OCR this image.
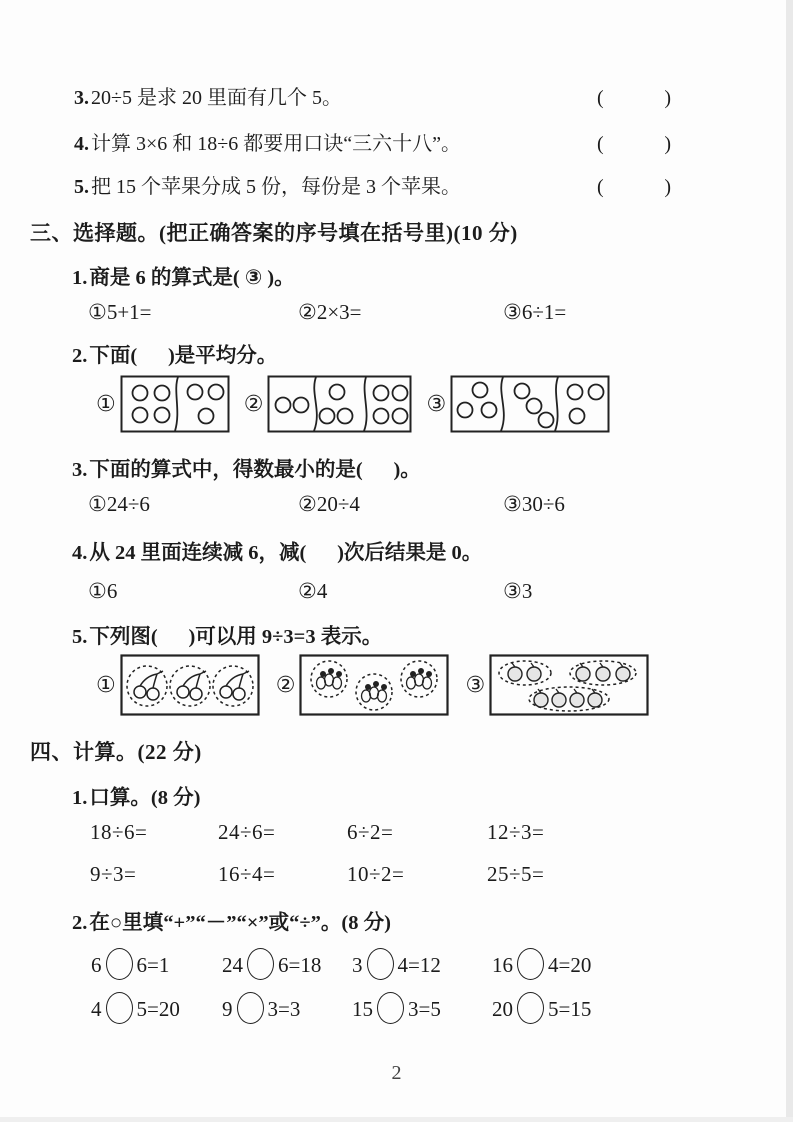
3. 20÷5 是求 20 里面有几个 5。	(	)
4. 计算 3×6 和 18÷6 都要用口诀“三六十八”。	(	)
5. 把 15 个苹果分成 5 份，每份是 3 个苹果。	(	)
三、选择题。(把正确答案的序号填在括号里)(10 分)
1.商是 6 的算式是( ③ )。
①5+1=	②2×3=	③6÷1=
2.下面(      )是平均分。
①	②	③
3.下面的算式中，得数最小的是(      )。
①24÷6	②20÷4	③30÷6
4.从 24 里面连续减 6，减(      )次后结果是 0。
①6	②4	③3
5.下列图(      )可以用 9÷3=3 表示。
①	②	③
四、计算。(22 分)
1.口算。(8 分)
18÷6=	24÷6=	6÷2=	12÷3=
9÷3=	16÷4=	10÷2=	25÷5=
2.在○里填“+”“－”“×”或“÷”。(8 分)
6 6=1	24 6=18	3 4=12	16 4=20
4 5=20	9 3=3	15 3=5	20 5=15
2
